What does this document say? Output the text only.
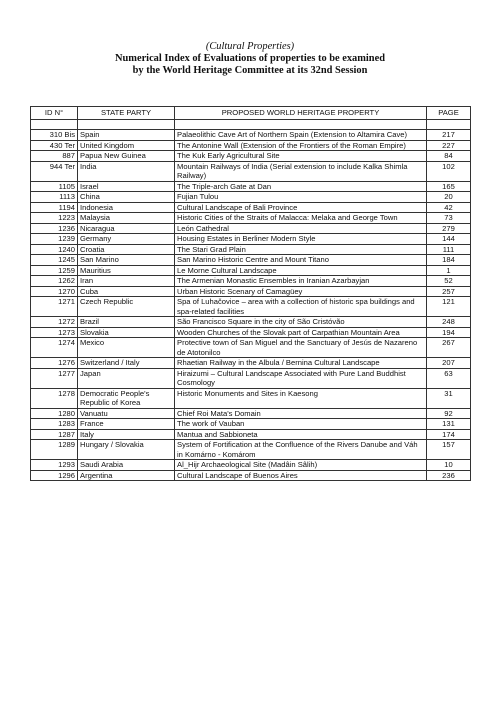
(Cultural Properties)
Numerical Index of Evaluations of properties to be examined
by the World Heritage Committee at its 32nd Session
ID N°	STATE PARTY	PROPOSED WORLD HERITAGE PROPERTY	PAGE

310 Bis	Spain	Palaeolithic Cave Art of Northern Spain (Extension to Altamira Cave)	217
430 Ter	United Kingdom	The Antonine Wall (Extension of the Frontiers of the Roman Empire)	227
887	Papua New Guinea	The Kuk Early Agricultural Site	84
944 Ter	India	Mountain Railways of India (Serial extension to include Kalka Shimla Railway)	102
1105	Israel	The Triple-arch Gate at Dan	165
1113	China	Fujian Tulou	20
1194	Indonesia	Cultural Landscape of Bali Province	42
1223	Malaysia	Historic Cities of the Straits of Malacca: Melaka and George Town	73
1236	Nicaragua	León Cathedral	279
1239	Germany	Housing Estates in Berliner Modern Style	144
1240	Croatia	The Stari Grad Plain	111
1245	San Marino	San Marino Historic Centre and Mount Titano	184
1259	Mauritius	Le Morne Cultural Landscape	1
1262	Iran	The Armenian Monastic Ensembles in Iranian Azarbayjan	52
1270	Cuba	Urban Historic Scenary of Camagüey	257
1271	Czech Republic	Spa of Luhačovice – area with a collection of historic spa buildings and spa-related facilities	121
1272	Brazil	São Francisco Square in the city of São Cristóvão	248
1273	Slovakia	Wooden Churches of the Slovak part of Carpathian Mountain Area	194
1274	Mexico	Protective town of San Miguel and the Sanctuary of Jesús de Nazareno de Atotonilco	267
1276	Switzerland / Italy	Rhaetian Railway in the Albula / Bernina Cultural Landscape	207
1277	Japan	Hiraizumi – Cultural Landscape Associated with Pure Land Buddhist Cosmology	63
1278	Democratic People's Republic of Korea	Historic Monuments and Sites in Kaesong	31
1280	Vanuatu	Chief Roi Mata's Domain	92
1283	France	The work of Vauban	131
1287	Italy	Mantua and Sabbioneta	174
1289	Hungary / Slovakia	System of Fortification at the Confluence of the Rivers Danube and Váh in Komárno - Komárom	157
1293	Saudi Arabia	Al_Hijr Archaeological Site (Madâin Sâlih)	10
1296	Argentina	Cultural Landscape of Buenos Aires	236
